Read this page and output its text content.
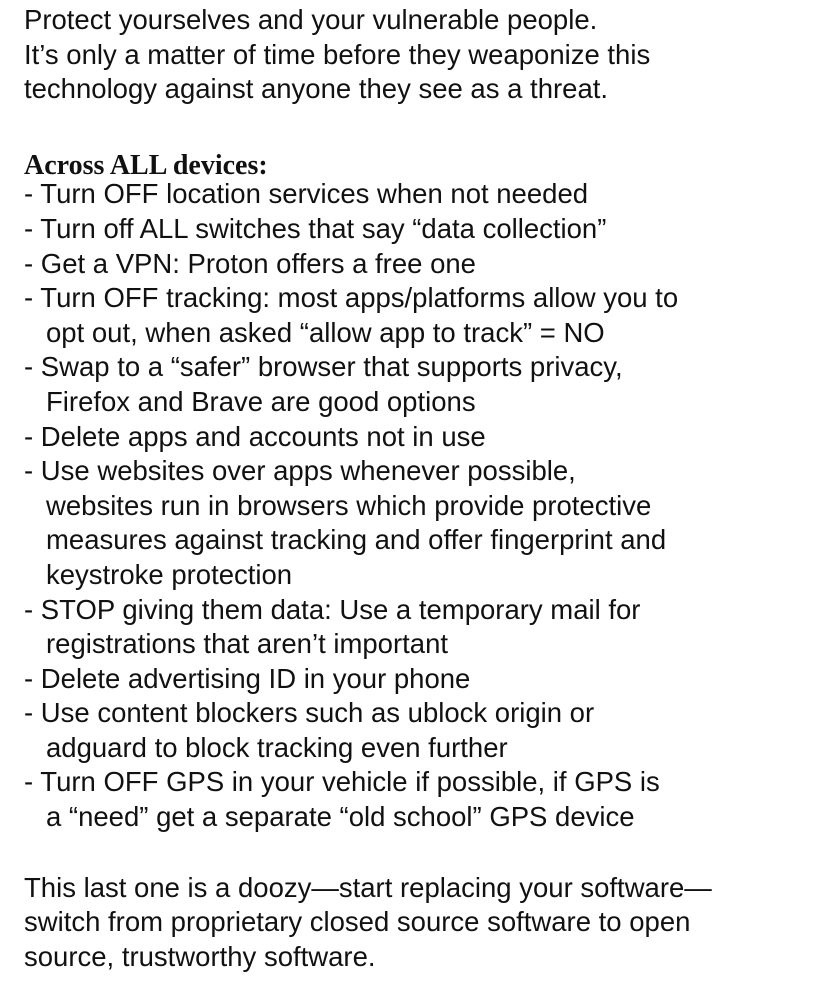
Protect yourselves and your vulnerable people.
It’s only a matter of time before they weaponize this
technology against anyone they see as a threat.

Across ALL devices:
- Turn OFF location services when not needed
- Turn off ALL switches that say “data collection”
- Get a VPN: Proton offers a free one
- Turn OFF tracking: most apps/platforms allow you to
opt out, when asked “allow app to track” = NO
- Swap to a “safer” browser that supports privacy,
Firefox and Brave are good options
- Delete apps and accounts not in use
- Use websites over apps whenever possible,
websites run in browsers which provide protective
measures against tracking and offer fingerprint and
keystroke protection
- STOP giving them data: Use a temporary mail for
registrations that aren’t important
- Delete advertising ID in your phone
- Use content blockers such as ublock origin or
adguard to block tracking even further
- Turn OFF GPS in your vehicle if possible, if GPS is
a “need” get a separate “old school” GPS device

This last one is a doozy—start replacing your software—
switch from proprietary closed source software to open
source, trustworthy software.
